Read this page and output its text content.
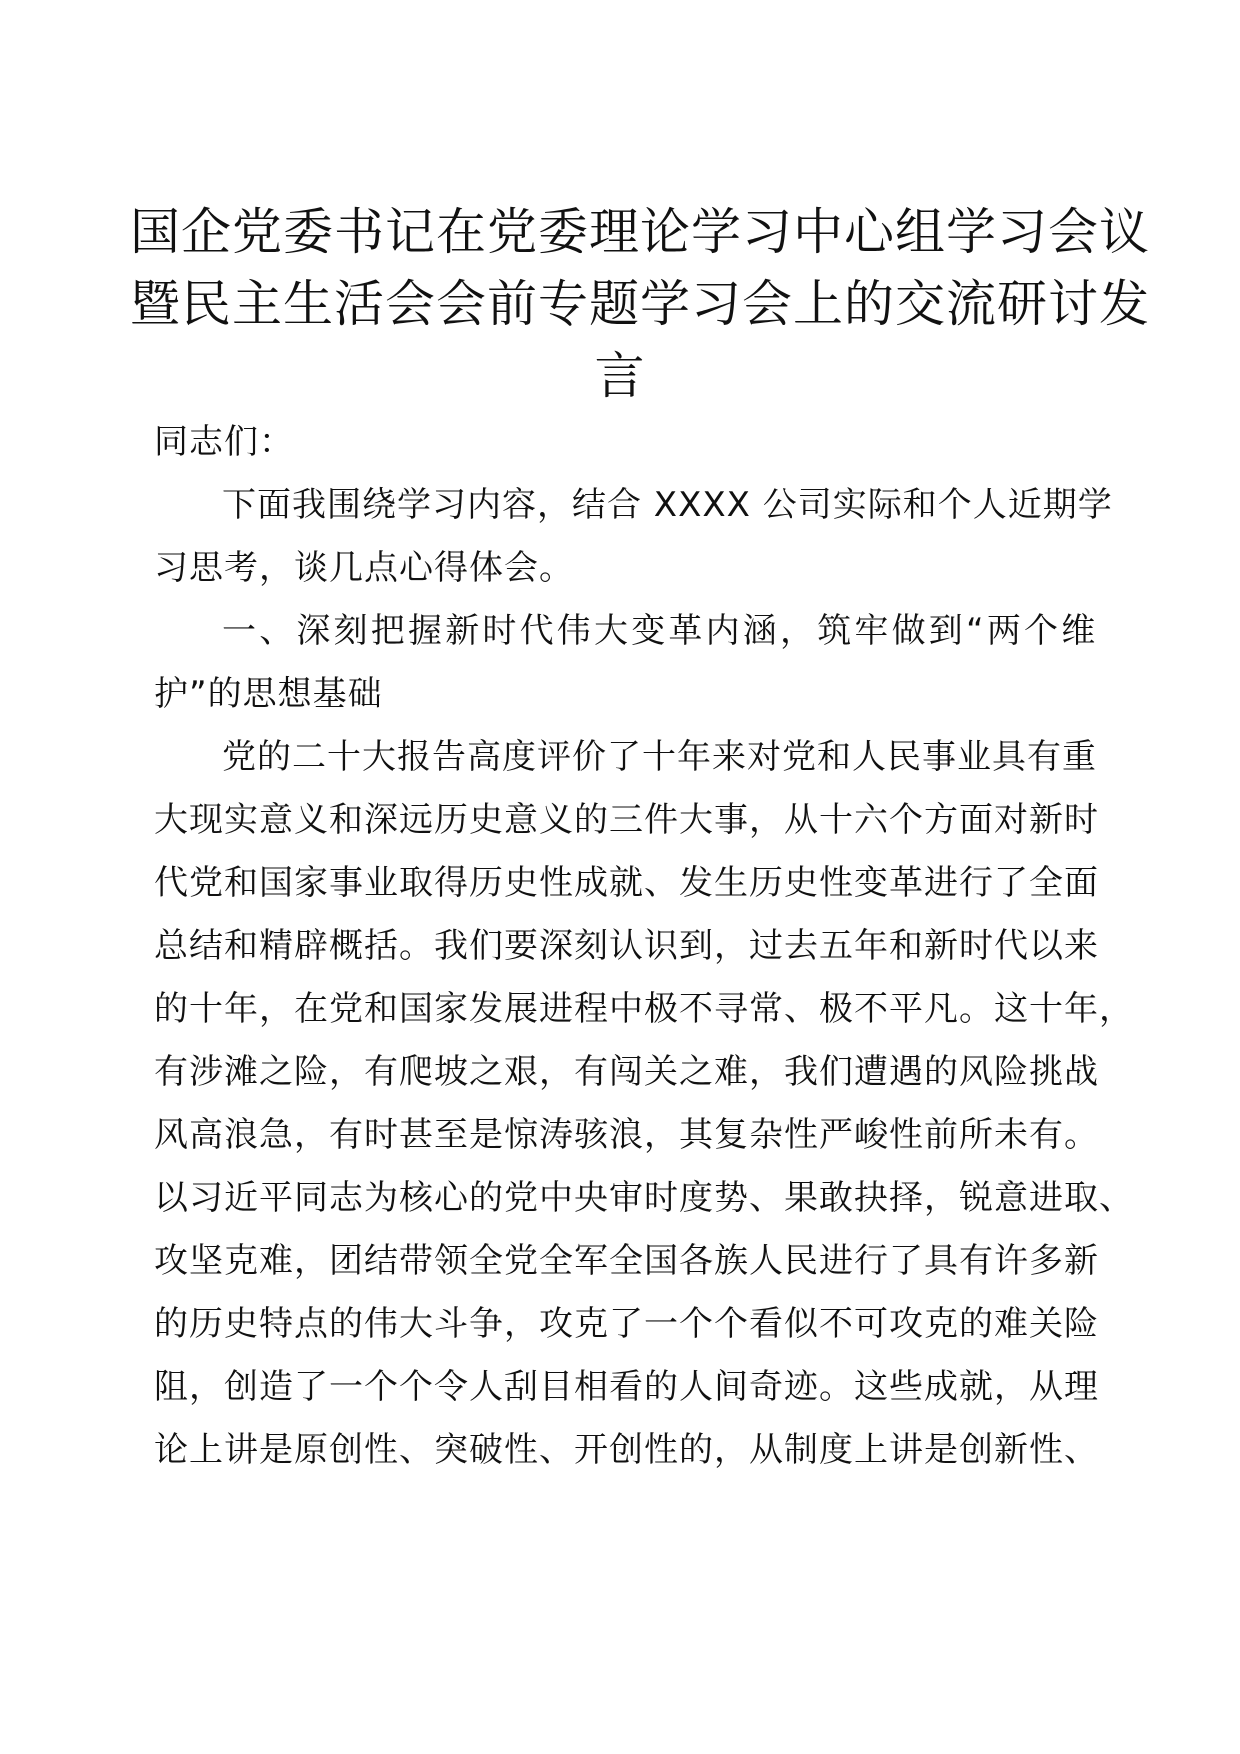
国企党委书记在党委理论学习中心组学习会议
暨民主生活会会前专题学习会上的交流研讨发
言
同志们：
下面我围绕学习内容，结合 XXXX 公司实际和个人近期学
习思考，谈几点心得体会。
一、深刻把握新时代伟大变革内涵，筑牢做到“两个维
护”的思想基础
党的二十大报告高度评价了十年来对党和人民事业具有重
大现实意义和深远历史意义的三件大事，从十六个方面对新时
代党和国家事业取得历史性成就、发生历史性变革进行了全面
总结和精辟概括。我们要深刻认识到，过去五年和新时代以来
的十年，在党和国家发展进程中极不寻常、极不平凡。这十年，
有涉滩之险，有爬坡之艰，有闯关之难，我们遭遇的风险挑战
风高浪急，有时甚至是惊涛骇浪，其复杂性严峻性前所未有。
以习近平同志为核心的党中央审时度势、果敢抉择，锐意进取、
攻坚克难，团结带领全党全军全国各族人民进行了具有许多新
的历史特点的伟大斗争，攻克了一个个看似不可攻克的难关险
阻，创造了一个个令人刮目相看的人间奇迹。这些成就，从理
论上讲是原创性、突破性、开创性的，从制度上讲是创新性、
